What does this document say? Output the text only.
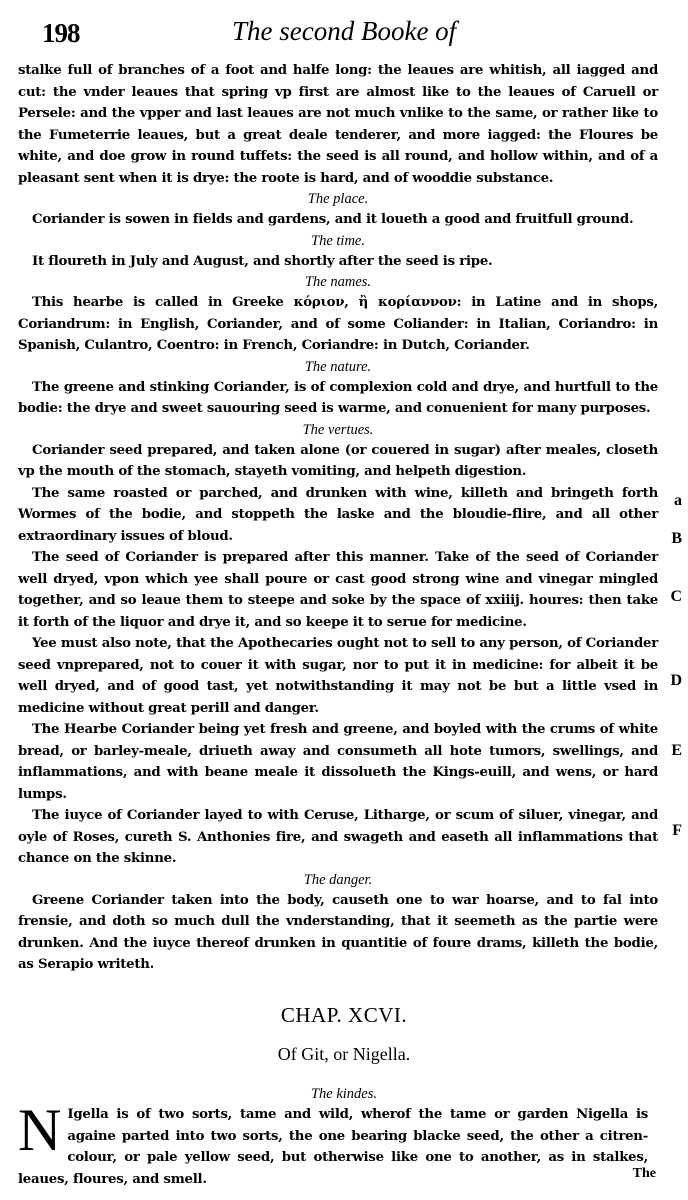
198	The second Booke of

stalke full of branches of a foot and halfe long: the leaues are whitish, all iagged and cut: the vnder leaues that spring vp first are almost like to the leaues of Caruell or Persele: and the vpper and last leaues are not much vnlike to the same, or rather like to the Fumeterrie leaues, but a great deale tenderer, and more iagged: the Floures be white, and doe grow in round tuffets: the seed is all round, and hollow within, and of a pleasant sent when it is drye: the roote is hard, and of wooddie substance.

The place.

Coriander is sowen in fields and gardens, and it loueth a good and fruitfull ground.

The time.

It floureth in July and August, and shortly after the seed is ripe.

The names.

This hearbe is called in Greeke κόριον, ἢ κορίαννον: in Latine and in shops, Coriandrum: in English, Coriander, and of some Coliander: in Italian, Coriandro: in Spanish, Culantro, Coentro: in French, Coriandre: in Dutch, Coriander.

The nature.

The greene and stinking Coriander, is of complexion cold and drye, and hurtfull to the bodie: the drye and sweet sauouring seed is warme, and conuenient for many purposes.

The vertues.

Coriander seed prepared, and taken alone (or couered in sugar) after meales, closeth vp the mouth of the stomach, stayeth vomiting, and helpeth digestion.

The same roasted or parched, and drunken with wine, killeth and bringeth forth Wormes of the bodie, and stoppeth the laske and the bloudie-flire, and all other extraordinary issues of bloud.

The seed of Coriander is prepared after this manner. Take of the seed of Coriander well dryed, vpon which yee shall poure or cast good strong wine and vinegar mingled together, and so leaue them to steepe and soke by the space of xxiiij. houres: then take it forth of the liquor and drye it, and so keepe it to serue for medicine.

Yee must also note, that the Apothecaries ought not to sell to any person, of Coriander seed vnprepared, not to couer it with sugar, nor to put it in medicine: for albeit it be well dryed, and of good tast, yet notwithstanding it may not be but a little vsed in medicine without great perill and danger.

The Hearbe Coriander being yet fresh and greene, and boyled with the crums of white bread, or barley-meale, driueth away and consumeth all hote tumors, swellings, and inflammations, and with beane meale it dissolueth the Kings-euill, and wens, or hard lumps.

The iuyce of Coriander layed to with Ceruse, Litharge, or scum of siluer, vinegar, and oyle of Roses, cureth S. Anthonies fire, and swageth and easeth all inflammations that chance on the skinne.

The danger.

Greene Coriander taken into the body, causeth one to war hoarse, and to fal into frensie, and doth so much dull the vnderstanding, that it seemeth as the partie were drunken. And the iuyce thereof drunken in quantitie of foure drams, killeth the bodie, as Serapio writeth.

a
B
C
D
E
F
CHAP. XCVI.
Of Git, or Nigella.
The kindes.
N Igella is of two sorts, tame and wild, wherof the tame or garden Nigella is againe parted into two sorts, the one bearing blacke seed, the other a citren-colour, or pale yellow seed, but otherwise like one to another, as in stalkes, leaues, floures, and smell.	The
